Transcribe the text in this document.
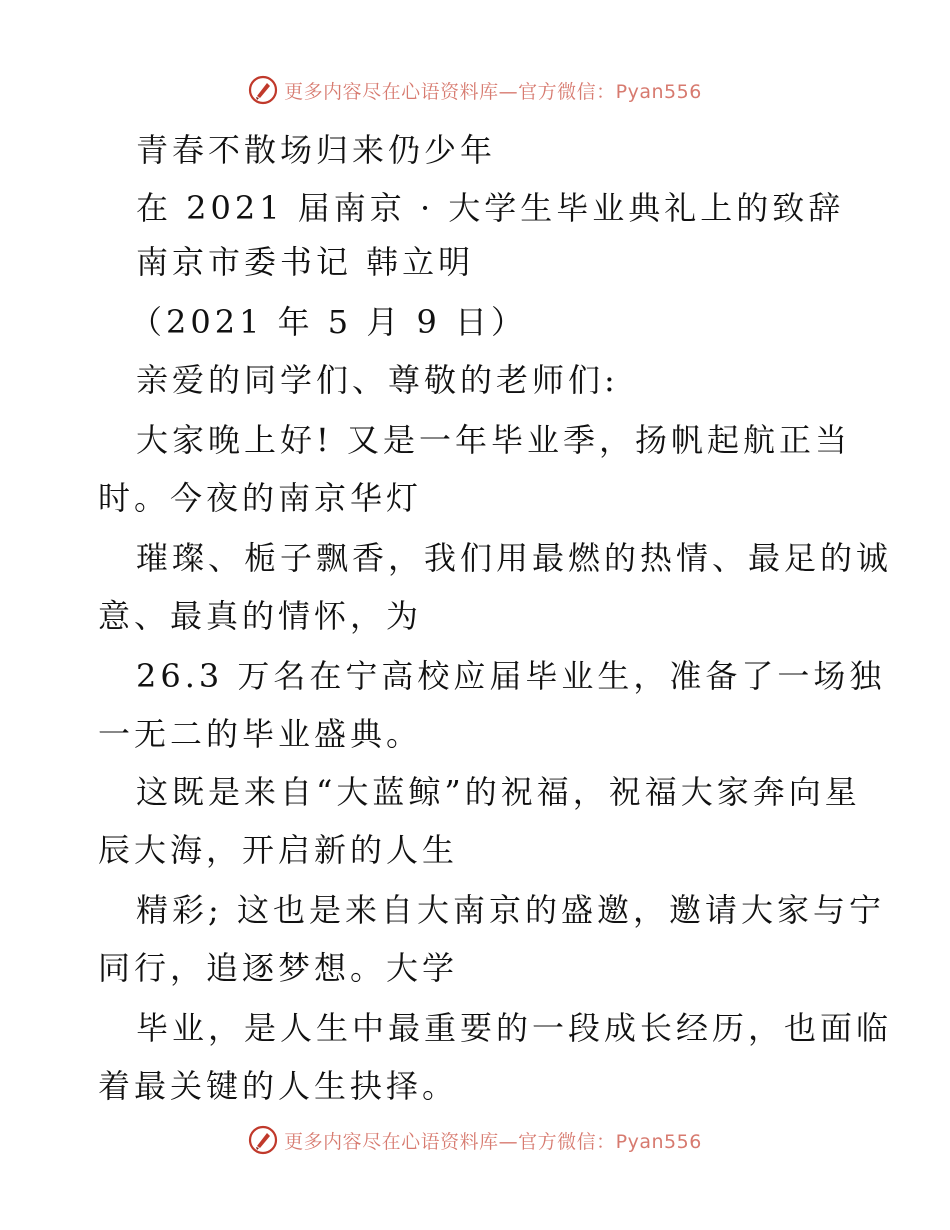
更多内容尽在心语资料库—官方微信：Pyan556
青春不散场归来仍少年
在 2021 届南京 · 大学生毕业典礼上的致辞
南京市委书记 韩立明
（2021 年 5 月 9 日）
亲爱的同学们、尊敬的老师们:
大家晚上好! 又是一年毕业季，扬帆起航正当
时。今夜的南京华灯
璀璨、栀子飘香，我们用最燃的热情、最足的诚
意、最真的情怀，为
26.3 万名在宁高校应届毕业生，准备了一场独
一无二的毕业盛典。
这既是来自“大蓝鲸”的祝福，祝福大家奔向星
辰大海，开启新的人生
精彩; 这也是来自大南京的盛邀，邀请大家与宁
同行，追逐梦想。大学
毕业，是人生中最重要的一段成长经历，也面临
着最关键的人生抉择。
更多内容尽在心语资料库—官方微信：Pyan556
